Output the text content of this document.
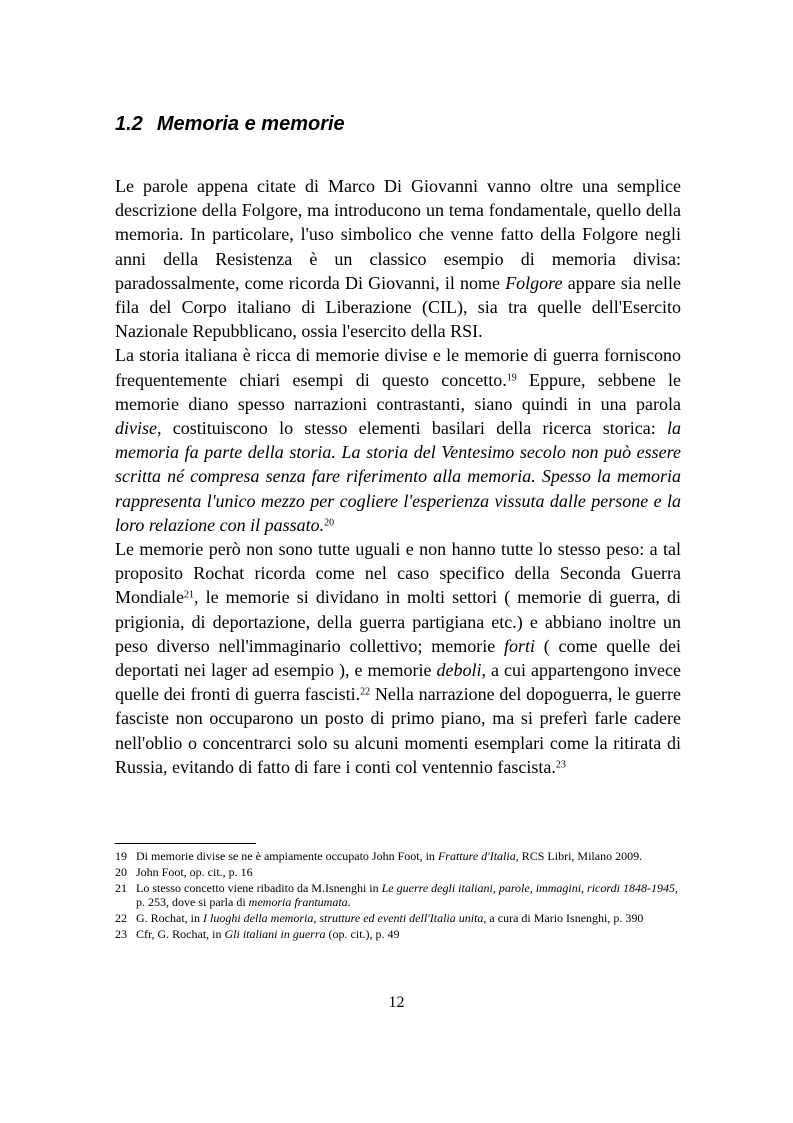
1.2 Memoria e memorie

Le parole appena citate di Marco Di Giovanni vanno oltre una semplice descrizione della Folgore, ma introducono un tema fondamentale, quello della memoria. In particolare, l'uso simbolico che venne fatto della Folgore negli anni della Resistenza è un classico esempio di memoria divisa: paradossalmente, come ricorda Di Giovanni, il nome Folgore appare sia nelle fila del Corpo italiano di Liberazione (CIL), sia tra quelle dell'Esercito Nazionale Repubblicano, ossia l'esercito della RSI.

La storia italiana è ricca di memorie divise e le memorie di guerra forniscono frequentemente chiari esempi di questo concetto.$^{19}$ Eppure, sebbene le memorie diano spesso narrazioni contrastanti, siano quindi in una parola divise, costituiscono lo stesso elementi basilari della ricerca storica: la memoria fa parte della storia. La storia del Ventesimo secolo non può essere scritta né compresa senza fare riferimento alla memoria. Spesso la memoria rappresenta l'unico mezzo per cogliere l'esperienza vissuta dalle persone e la loro relazione con il passato.$^{20}$

Le memorie però non sono tutte uguali e non hanno tutte lo stesso peso: a tal proposito Rochat ricorda come nel caso specifico della Seconda Guerra Mondiale$^{21}$, le memorie si dividano in molti settori ( memorie di guerra, di prigionia, di deportazione, della guerra partigiana etc.) e abbiano inoltre un peso diverso nell'immaginario collettivo; memorie forti ( come quelle dei deportati nei lager ad esempio ), e memorie deboli, a cui appartengono invece quelle dei fronti di guerra fascisti.$^{22}$ Nella narrazione del dopoguerra, le guerre fasciste non occuparono un posto di primo piano, ma si preferì farle cadere nell'oblio o concentrarci solo su alcuni momenti esemplari come la ritirata di Russia, evitando di fatto di fare i conti col ventennio fascista.$^{23}$

19 Di memorie divise se ne è ampiamente occupato John Foot, in Fratture d'Italia, RCS Libri, Milano 2009.
20 John Foot, op. cit., p. 16
21 Lo stesso concetto viene ribadito da M.Isnenghi in Le guerre degli italiani, parole, immagini, ricordi 1848-1945, p. 253, dove si parla di memoria frantumata.
22 G. Rochat, in I luoghi della memoria, strutture ed eventi dell'Italia unita, a cura di Mario Isnenghi, p. 390
23 Cfr, G. Rochat, in Gli italiani in guerra (op. cit.), p. 49
12
